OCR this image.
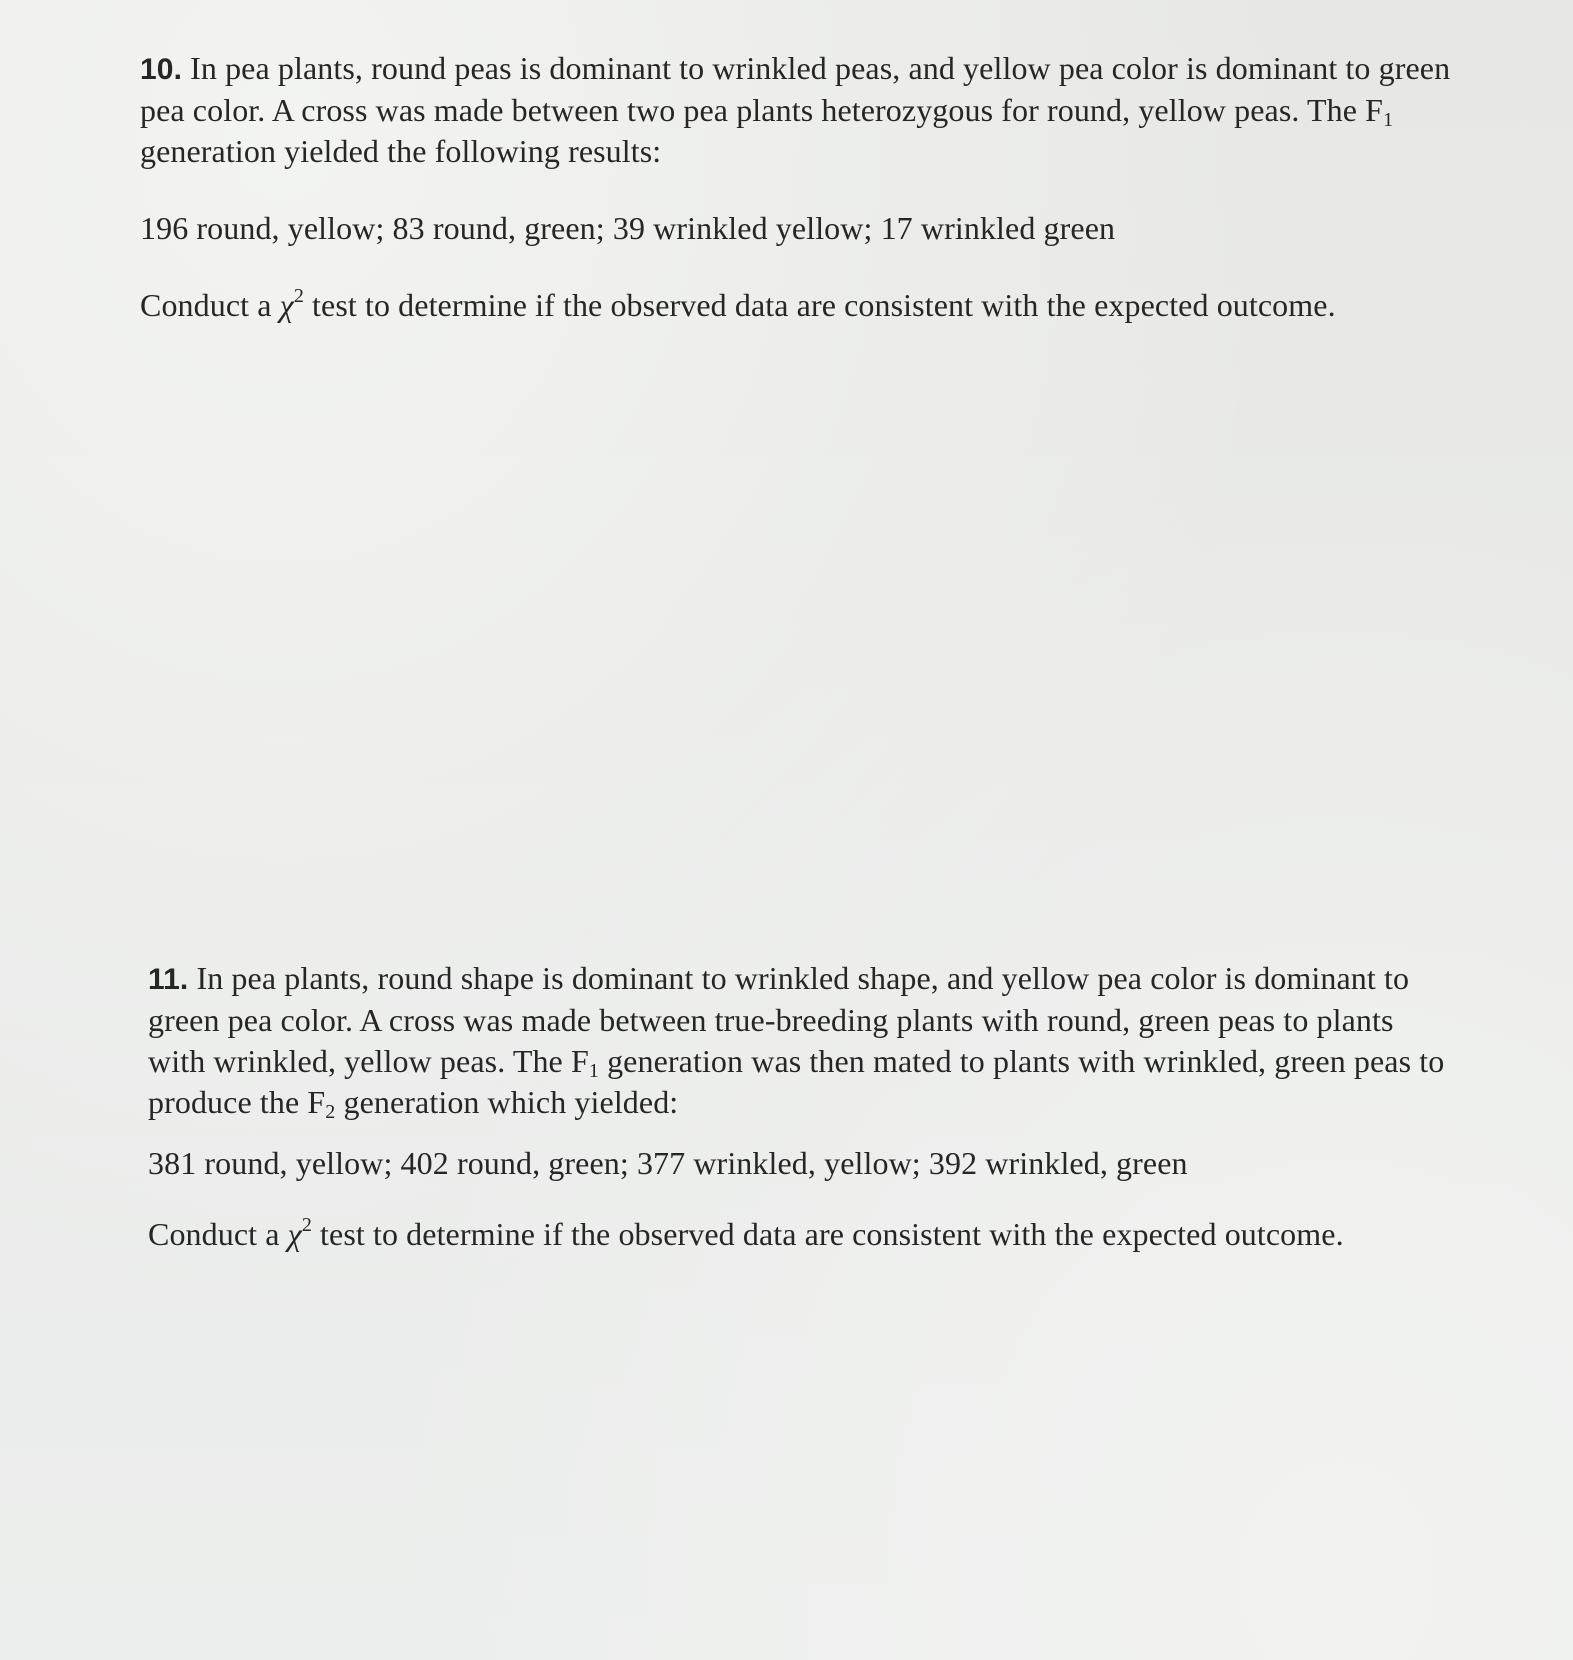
10. In pea plants, round peas is dominant to wrinkled peas, and yellow pea color is dominant to green pea color. A cross was made between two pea plants heterozygous for round, yellow peas. The $F_1$ generation yielded the following results:

196 round, yellow; 83 round, green; 39 wrinkled yellow; 17 wrinkled green

Conduct a $\chi^2$ test to determine if the observed data are consistent with the expected outcome.

11. In pea plants, round shape is dominant to wrinkled shape, and yellow pea color is dominant to green pea color. A cross was made between true-breeding plants with round, green peas to plants with wrinkled, yellow peas. The $F_1$ generation was then mated to plants with wrinkled, green peas to produce the $F_2$ generation which yielded:

381 round, yellow; 402 round, green; 377 wrinkled, yellow; 392 wrinkled, green

Conduct a $\chi^2$ test to determine if the observed data are consistent with the expected outcome.
